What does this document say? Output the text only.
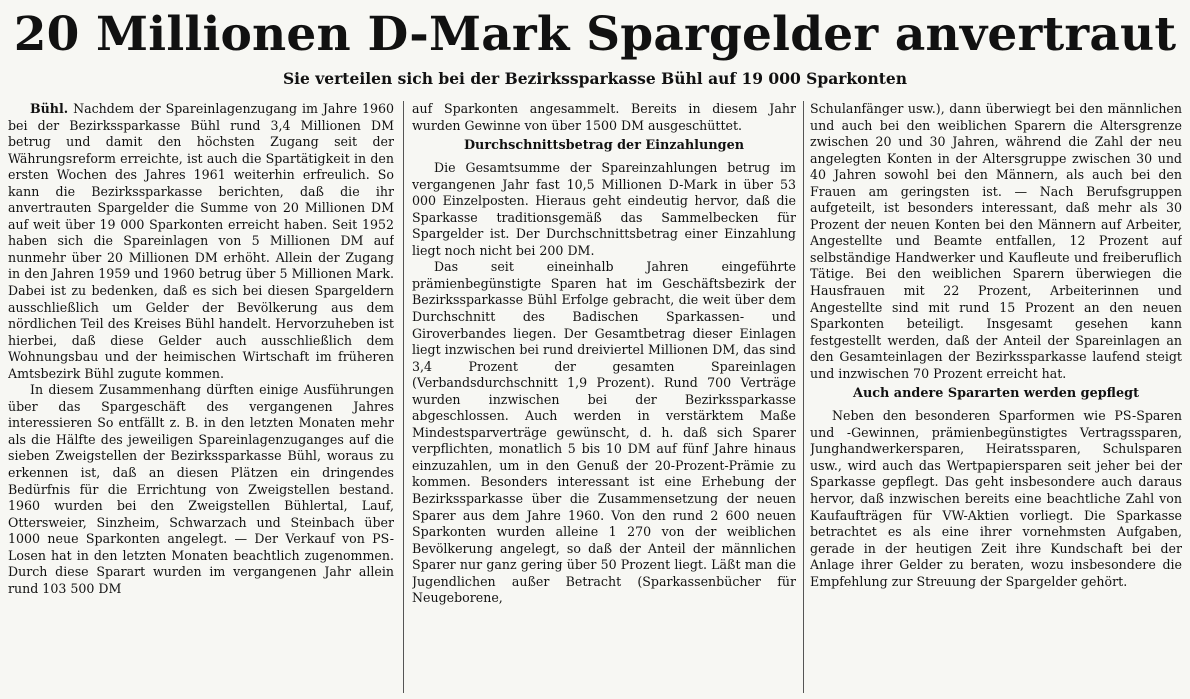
20 Millionen D-Mark Spargelder anvertraut
Sie verteilen sich bei der Bezirkssparkasse Bühl auf 19 000 Sparkonten

Bühl. Nachdem der Spareinlagenzugang im Jahre 1960 bei der Bezirkssparkasse Bühl rund 3,4 Millionen DM betrug und damit den höchsten Zugang seit der Währungsreform erreichte, ist auch die Spartätigkeit in den ersten Wochen des Jahres 1961 weiterhin erfreulich. So kann die Bezirkssparkasse berichten, daß die ihr anvertrauten Spargelder die Summe von 20 Millionen DM auf weit über 19 000 Sparkonten erreicht haben. Seit 1952 haben sich die Spareinlagen von 5 Millionen DM auf nunmehr über 20 Millionen DM erhöht. Allein der Zugang in den Jahren 1959 und 1960 betrug über 5 Millionen Mark. Dabei ist zu bedenken, daß es sich bei diesen Spargeldern ausschließlich um Gelder der Bevölkerung aus dem nördlichen Teil des Kreises Bühl handelt. Hervorzuheben ist hierbei, daß diese Gelder auch ausschließlich dem Wohnungsbau und der heimischen Wirtschaft im früheren Amtsbezirk Bühl zugute kommen.

In diesem Zusammenhang dürften einige Ausführungen über das Spargeschäft des vergangenen Jahres interessieren So entfällt z. B. in den letzten Monaten mehr als die Hälfte des jeweiligen Spareinlagenzuganges auf die sieben Zweigstellen der Bezirkssparkasse Bühl, woraus zu erkennen ist, daß an diesen Plätzen ein dringendes Bedürfnis für die Errichtung von Zweigstellen bestand. 1960 wurden bei den Zweigstellen Bühlertal, Lauf, Ottersweier, Sinzheim, Schwarzach und Steinbach über 1000 neue Sparkonten angelegt. — Der Verkauf von PS-Losen hat in den letzten Monaten beachtlich zugenommen. Durch diese Sparart wurden im vergangenen Jahr allein rund 103 500 DM

auf Sparkonten angesammelt. Bereits in diesem Jahr wurden Gewinne von über 1500 DM ausgeschüttet.

Durchschnittsbetrag der Einzahlungen

Die Gesamtsumme der Spareinzahlungen betrug im vergangenen Jahr fast 10,5 Millionen D-Mark in über 53 000 Einzelposten. Hieraus geht eindeutig hervor, daß die Sparkasse traditionsgemäß das Sammelbecken für Spargelder ist. Der Durchschnittsbetrag einer Einzahlung liegt noch nicht bei 200 DM.

Das seit eineinhalb Jahren eingeführte prämienbegünstigte Sparen hat im Geschäftsbezirk der Bezirkssparkasse Bühl Erfolge gebracht, die weit über dem Durchschnitt des Badischen Sparkassen- und Giroverbandes liegen. Der Gesamtbetrag dieser Einlagen liegt inzwischen bei rund dreiviertel Millionen DM, das sind 3,4 Prozent der gesamten Spareinlagen (Verbandsdurchschnitt 1,9 Prozent). Rund 700 Verträge wurden inzwischen bei der Bezirkssparkasse abgeschlossen. Auch werden in verstärktem Maße Mindestsparverträge gewünscht, d. h. daß sich Sparer verpflichten, monatlich 5 bis 10 DM auf fünf Jahre hinaus einzuzahlen, um in den Genuß der 20-Prozent-Prämie zu kommen. Besonders interessant ist eine Erhebung der Bezirkssparkasse über die Zusammensetzung der neuen Sparer aus dem Jahre 1960. Von den rund 2 600 neuen Sparkonten wurden alleine 1 270 von der weiblichen Bevölkerung angelegt, so daß der Anteil der männlichen Sparer nur ganz gering über 50 Prozent liegt. Läßt man die Jugendlichen außer Betracht (Sparkassenbücher für Neugeborene,

Schulanfänger usw.), dann überwiegt bei den männlichen und auch bei den weiblichen Sparern die Altersgrenze zwischen 20 und 30 Jahren, während die Zahl der neu angelegten Konten in der Altersgruppe zwischen 30 und 40 Jahren sowohl bei den Männern, als auch bei den Frauen am geringsten ist. — Nach Berufsgruppen aufgeteilt, ist besonders interessant, daß mehr als 30 Prozent der neuen Konten bei den Männern auf Arbeiter, Angestellte und Beamte entfallen, 12 Prozent auf selbständige Handwerker und Kaufleute und freiberuflich Tätige. Bei den weiblichen Sparern überwiegen die Hausfrauen mit 22 Prozent, Arbeiterinnen und Angestellte sind mit rund 15 Prozent an den neuen Sparkonten beteiligt. Insgesamt gesehen kann festgestellt werden, daß der Anteil der Spareinlagen an den Gesamteinlagen der Bezirkssparkasse laufend steigt und inzwischen 70 Prozent erreicht hat.

Auch andere Spararten werden gepflegt

Neben den besonderen Sparformen wie PS-Sparen und -Gewinnen, prämienbegünstigtes Vertragssparen, Junghandwerkersparen, Heiratssparen, Schulsparen usw., wird auch das Wertpapiersparen seit jeher bei der Sparkasse gepflegt. Das geht insbesondere auch daraus hervor, daß inzwischen bereits eine beachtliche Zahl von Kaufaufträgen für VW-Aktien vorliegt. Die Sparkasse betrachtet es als eine ihrer vornehmsten Aufgaben, gerade in der heutigen Zeit ihre Kundschaft bei der Anlage ihrer Gelder zu beraten, wozu insbesondere die Empfehlung zur Streuung der Spargelder gehört.
